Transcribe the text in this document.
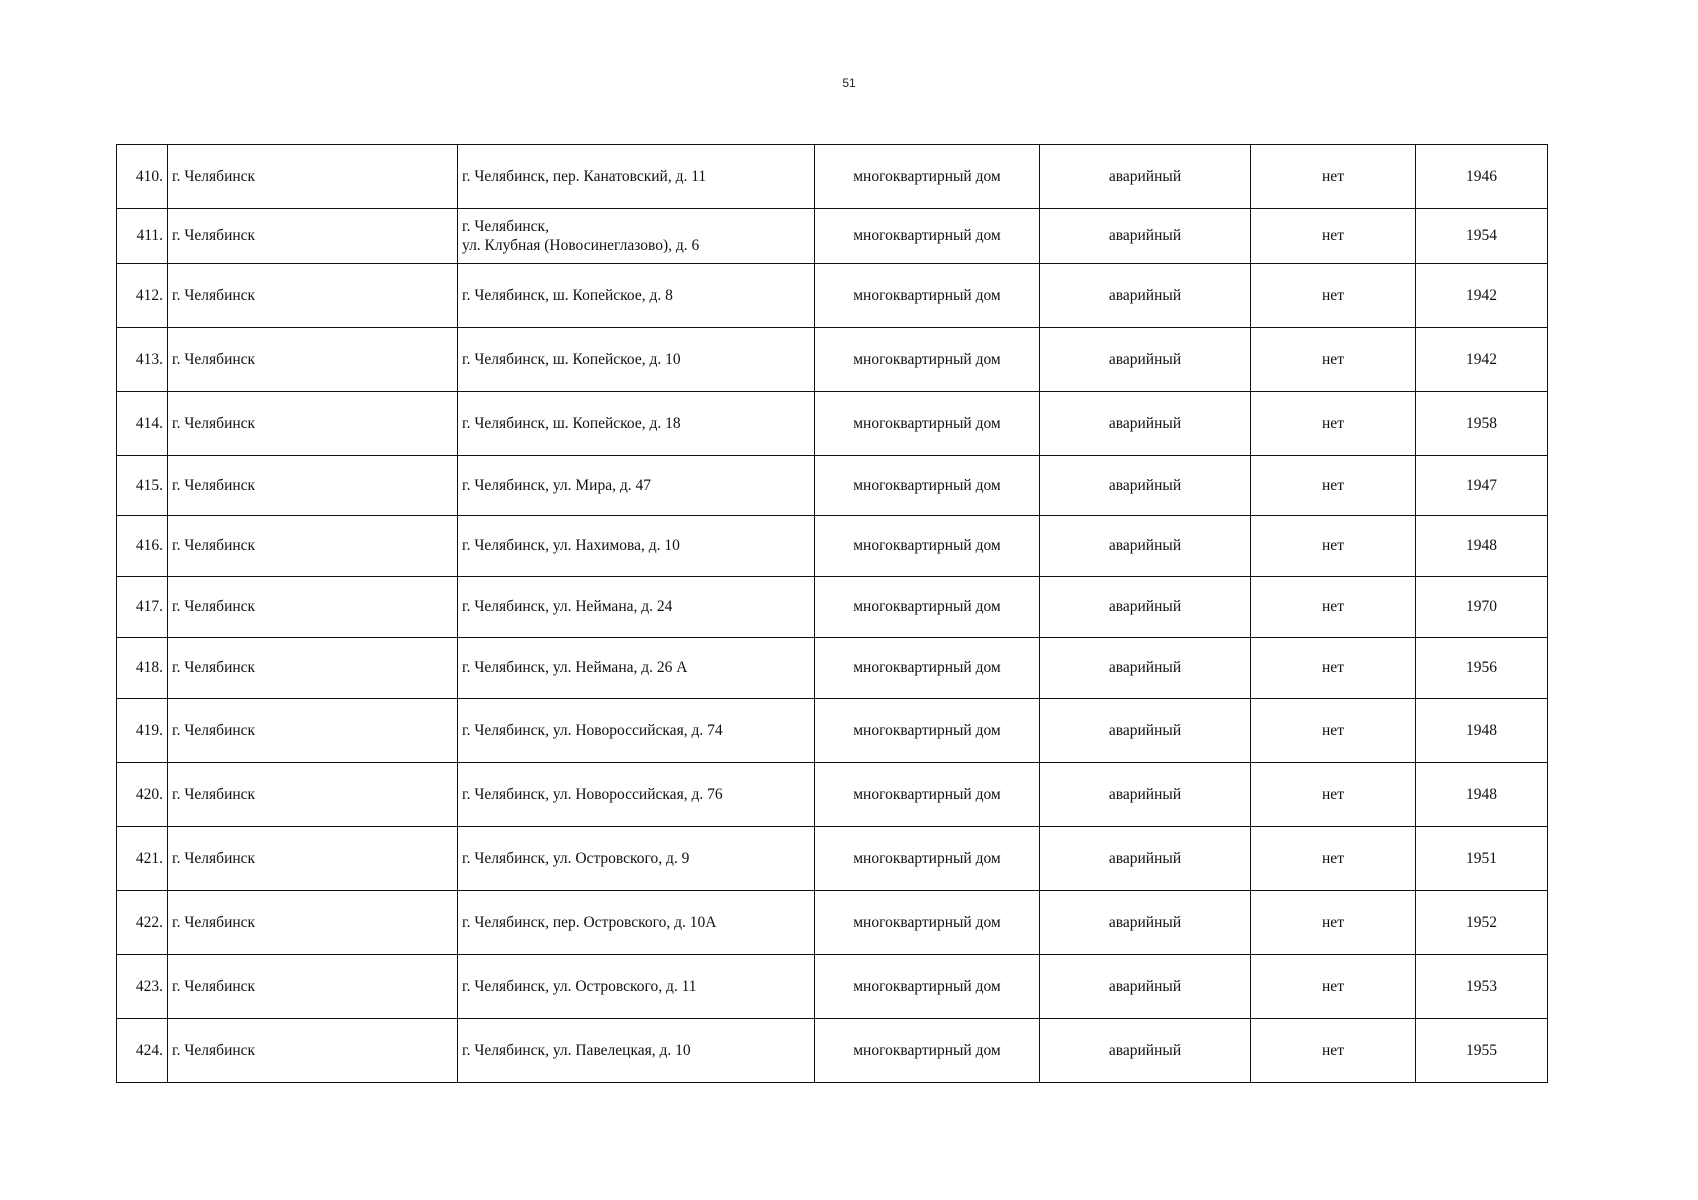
51
410.	г. Челябинск	г. Челябинск, пер. Канатовский, д. 11	многоквартирный дом	аварийный	нет	1946
411.	г. Челябинск	г. Челябинск,
ул. Клубная (Новосинеглазово), д. 6	многоквартирный дом	аварийный	нет	1954
412.	г. Челябинск	г. Челябинск, ш. Копейское, д. 8	многоквартирный дом	аварийный	нет	1942
413.	г. Челябинск	г. Челябинск, ш. Копейское, д. 10	многоквартирный дом	аварийный	нет	1942
414.	г. Челябинск	г. Челябинск, ш. Копейское, д. 18	многоквартирный дом	аварийный	нет	1958
415.	г. Челябинск	г. Челябинск, ул. Мира, д. 47	многоквартирный дом	аварийный	нет	1947
416.	г. Челябинск	г. Челябинск, ул. Нахимова, д. 10	многоквартирный дом	аварийный	нет	1948
417.	г. Челябинск	г. Челябинск, ул. Неймана, д. 24	многоквартирный дом	аварийный	нет	1970
418.	г. Челябинск	г. Челябинск, ул. Неймана, д. 26 А	многоквартирный дом	аварийный	нет	1956
419.	г. Челябинск	г. Челябинск, ул. Новороссийская, д. 74	многоквартирный дом	аварийный	нет	1948
420.	г. Челябинск	г. Челябинск, ул. Новороссийская, д. 76	многоквартирный дом	аварийный	нет	1948
421.	г. Челябинск	г. Челябинск, ул. Островского, д. 9	многоквартирный дом	аварийный	нет	1951
422.	г. Челябинск	г. Челябинск, пер. Островского, д. 10А	многоквартирный дом	аварийный	нет	1952
423.	г. Челябинск	г. Челябинск, ул. Островского, д. 11	многоквартирный дом	аварийный	нет	1953
424.	г. Челябинск	г. Челябинск, ул. Павелецкая, д. 10	многоквартирный дом	аварийный	нет	1955
